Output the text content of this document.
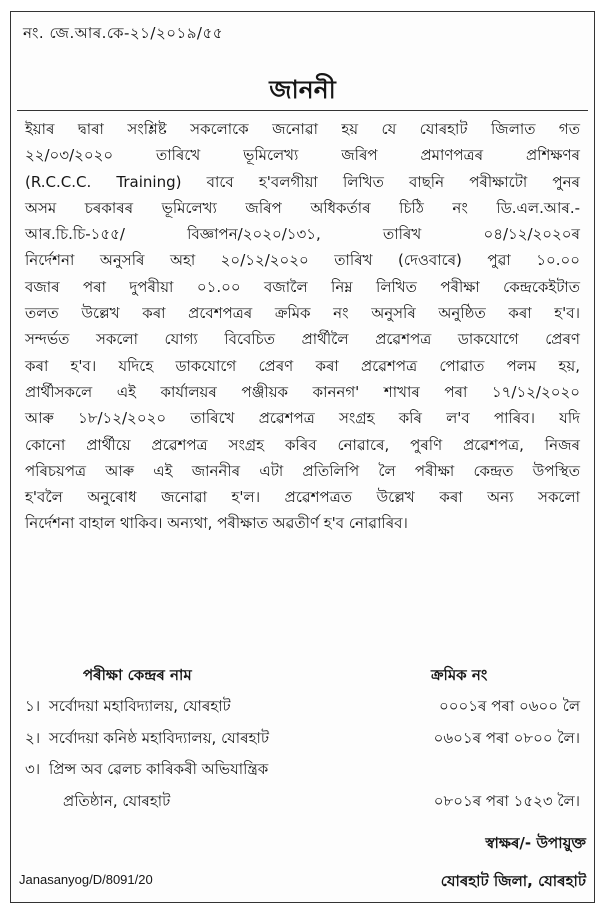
নং. জে.আৰ.কে-২১/২০১৯/৫৫
জাননী
ইয়াৰ দ্বাৰা সংশ্লিষ্ট সকলোকে জনোৱা হয় যে যোৰহাট জিলাত গত
২২/০৩/২০২০ তাৰিখে ভূমিলেখ্য জৰিপ প্ৰমাণপত্ৰৰ প্ৰশিক্ষণৰ
(R.C.C.C. Training) বাবে হ'বলগীয়া লিখিত বাছনি পৰীক্ষাটো পুনৰ
অসম চৰকাৰৰ ভূমিলেখ্য জৰিপ অধিকৰ্তাৰ চিঠি নং ডি.এল.আৰ.-
আৰ.চি.চি-১৫৫/ বিজ্ঞাপন/২০২০/১৩১, তাৰিখ ০৪/১২/২০২০ৰ
নিৰ্দেশনা অনুসৰি অহা ২০/১২/২০২০ তাৰিখ (দেওবাৰে) পুৱা ১০.০০
বজাৰ পৰা দুপৰীয়া ০১.০০ বজালৈ নিম্ন লিখিত পৰীক্ষা কেন্দ্ৰকেইটাত
তলত উল্লেখ কৰা প্ৰবেশপত্ৰৰ ক্ৰমিক নং অনুসৰি অনুষ্ঠিত কৰা হ'ব।
সন্দৰ্ভত সকলো যোগ্য বিবেচিত প্ৰাৰ্থীলৈ প্ৰৱেশপত্ৰ ডাকযোগে প্ৰেৰণ
কৰা হ'ব। যদিহে ডাকযোগে প্ৰেৰণ কৰা প্ৰৱেশপত্ৰ পোৱাত পলম হয়,
প্ৰাৰ্থীসকলে এই কাৰ্যালয়ৰ পঞ্জীয়ক কাননগ' শাখাৰ পৰা ১৭/১২/২০২০
আৰু ১৮/১২/২০২০ তাৰিখে প্ৰৱেশপত্ৰ সংগ্ৰহ কৰি ল'ব পাৰিব। যদি
কোনো প্ৰাৰ্থীয়ে প্ৰৱেশপত্ৰ সংগ্ৰহ কৰিব নোৱাৰে, পুৰণি প্ৰৱেশপত্ৰ, নিজৰ
পৰিচয়পত্ৰ আৰু এই জাননীৰ এটা প্ৰতিলিপি লৈ পৰীক্ষা কেন্দ্ৰত উপস্থিত
হ'বলৈ অনুৰোধ জনোৱা হ'ল। প্ৰৱেশপত্ৰত উল্লেখ কৰা অন্য সকলো
নিৰ্দেশনা বাহাল থাকিব। অন্যথা, পৰীক্ষাত অৱতীৰ্ণ হ'ব নোৱাৰিব।
পৰীক্ষা কেন্দ্ৰৰ নাম	ক্ৰমিক নং
১। সৰ্বোদয়া মহাবিদ্যালয়, যোৰহাট	০০০১ৰ পৰা ০৬০০ লৈ
২। সৰ্বোদয়া কনিষ্ঠ মহাবিদ্যালয়, যোৰহাট	০৬০১ৰ পৰা ০৮০০ লৈ।
৩। প্ৰিন্স অব ৱেলচ কাৰিকৰী অভিযান্ত্ৰিক
প্ৰতিষ্ঠান, যোৰহাট	০৮০১ৰ পৰা ১৫২৩ লৈ।
স্বাক্ষৰ/- উপায়ুক্ত
যোৰহাট জিলা, যোৰহাট
Janasanyog/D/8091/20
